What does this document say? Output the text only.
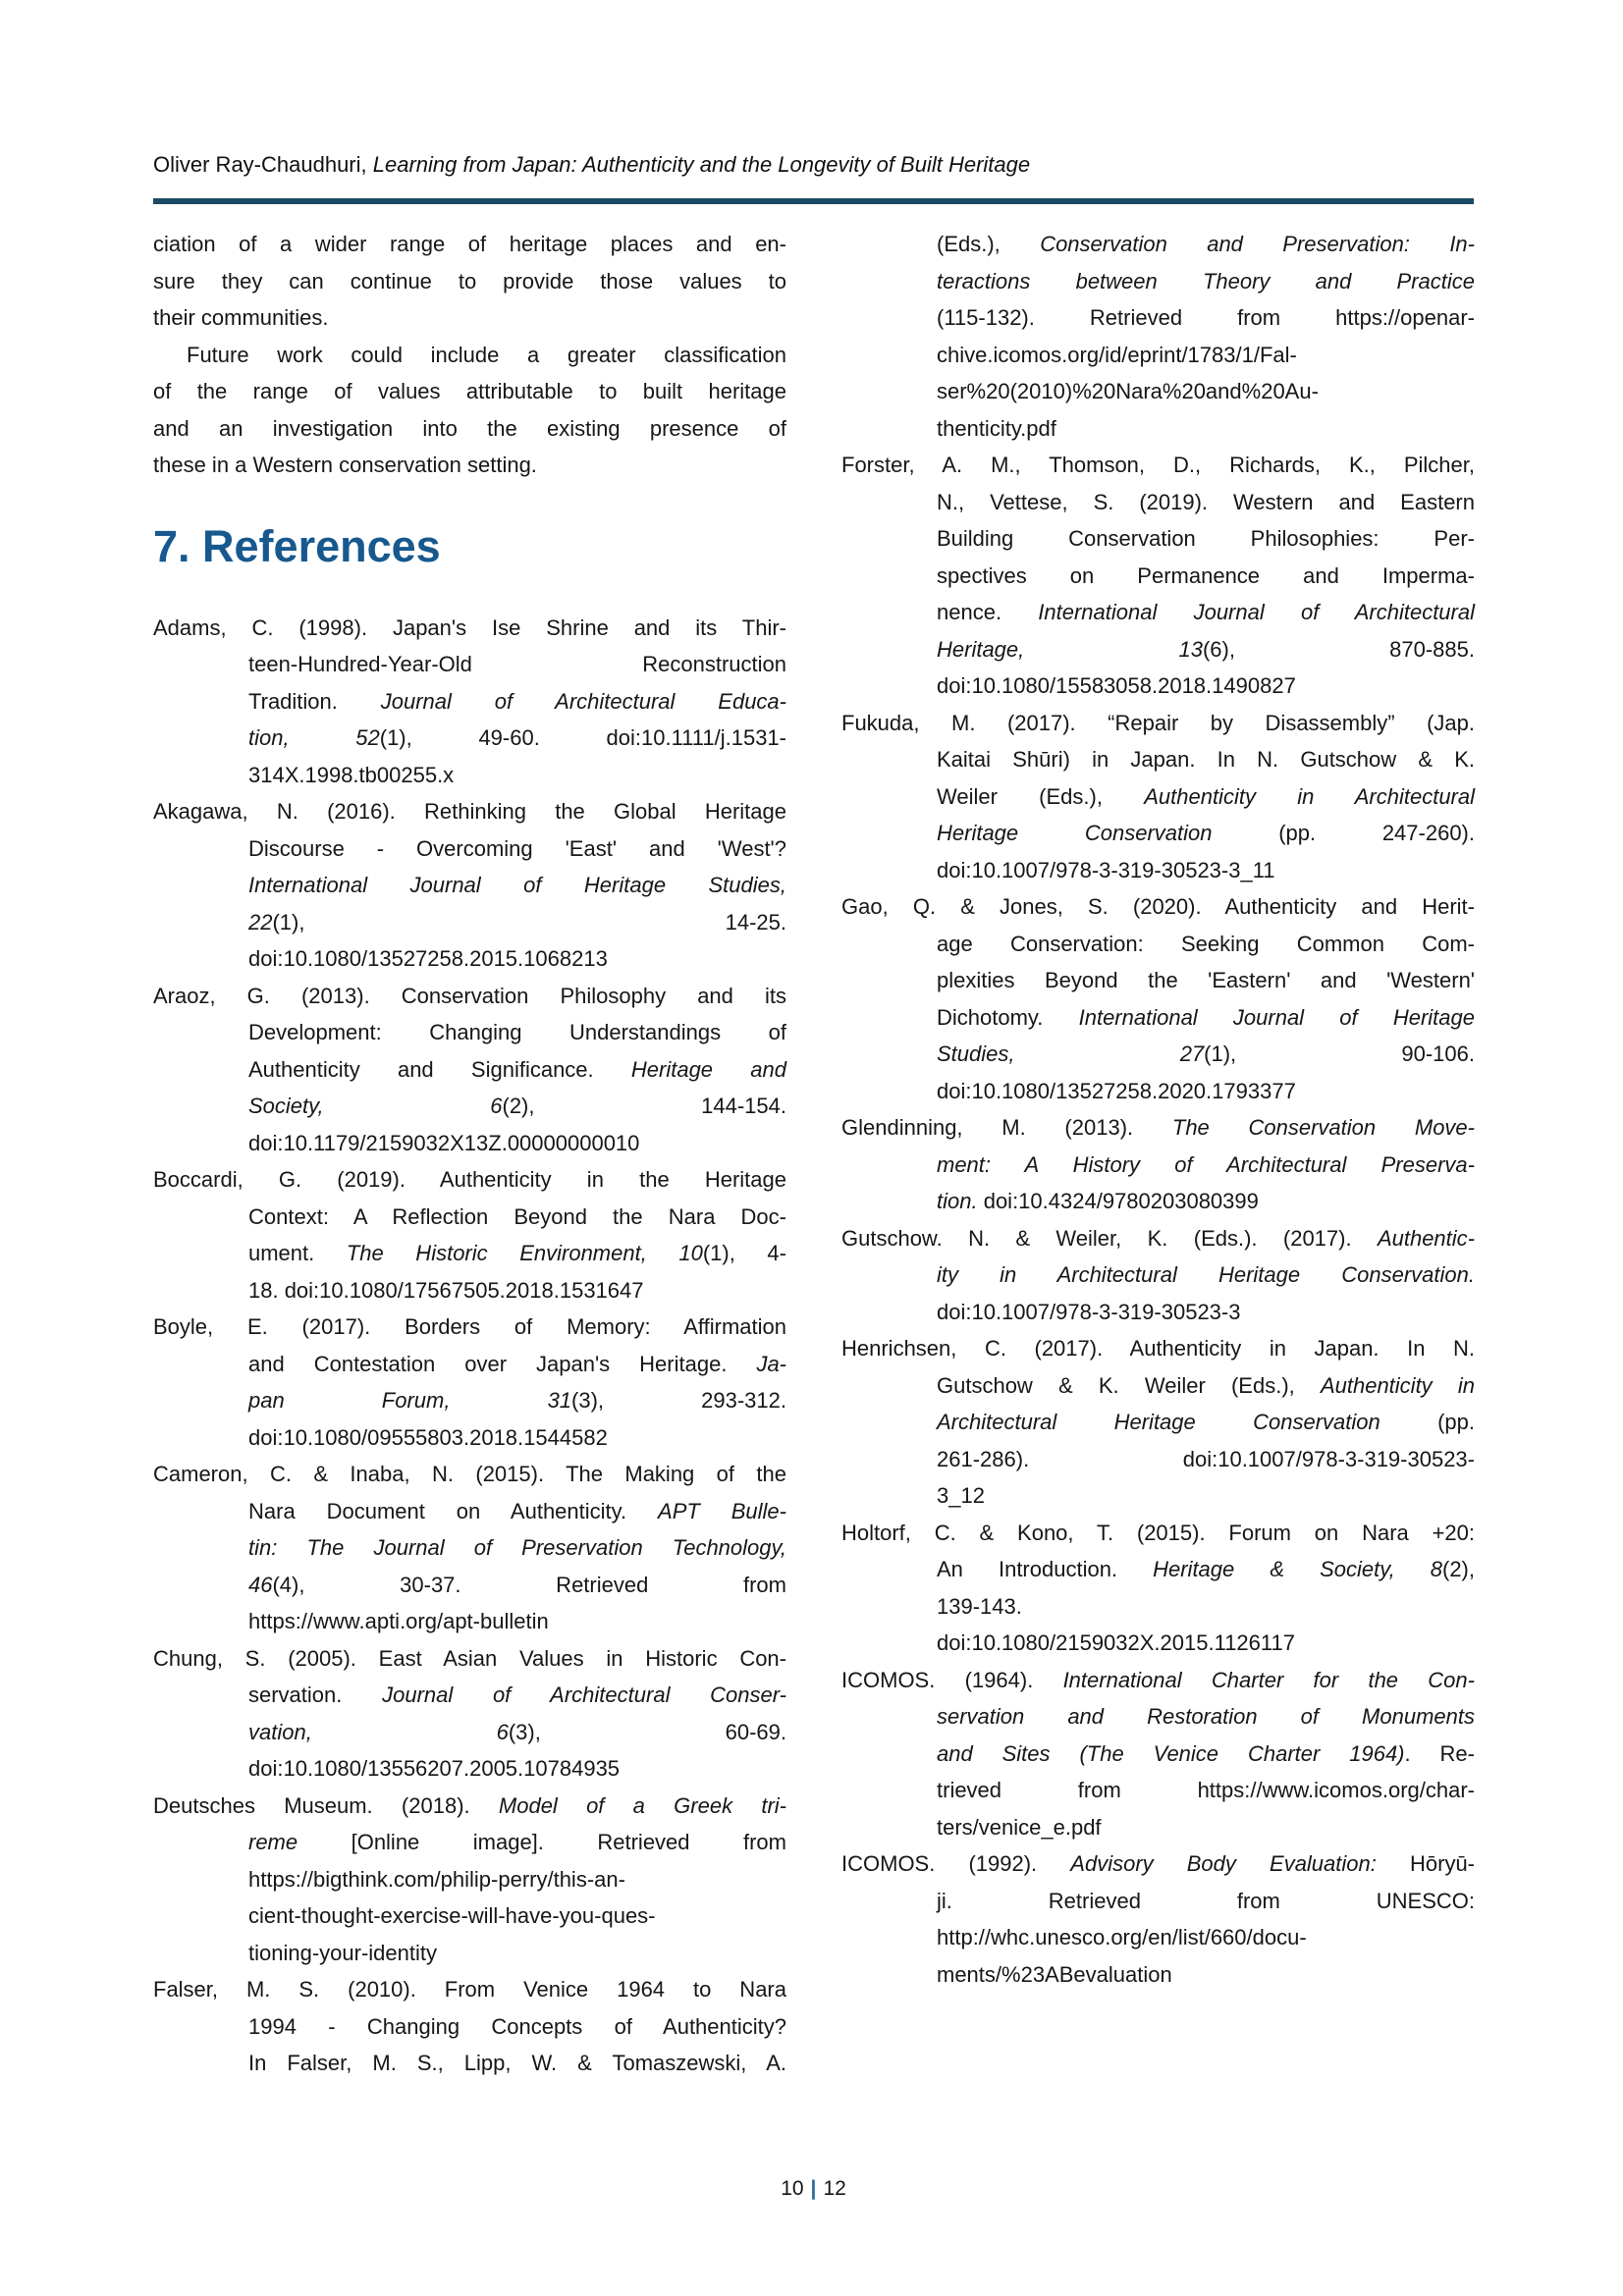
Oliver Ray-Chaudhuri, Learning from Japan: Authenticity and the Longevity of Built Heritage
ciation of a wider range of heritage places and en-
sure they can continue to provide those values to
their communities.
Future work could include a greater classification
of the range of values attributable to built heritage
and an investigation into the existing presence of
these in a Western conservation setting.
7. References
Adams, C. (1998). Japan's Ise Shrine and its Thir-
teen-Hundred-Year-Old Reconstruction
Tradition. Journal of Architectural Educa-
tion, 52(1), 49-60. doi:10.1111/j.1531-
314X.1998.tb00255.x
Akagawa, N. (2016). Rethinking the Global Heritage
Discourse - Overcoming 'East' and 'West'?
International Journal of Heritage Studies,
22(1), 14-25.
doi:10.1080/13527258.2015.1068213
Araoz, G. (2013). Conservation Philosophy and its
Development: Changing Understandings of
Authenticity and Significance. Heritage and
Society, 6(2), 144-154.
doi:10.1179/2159032X13Z.00000000010
Boccardi, G. (2019). Authenticity in the Heritage
Context: A Reflection Beyond the Nara Doc-
ument. The Historic Environment, 10(1), 4-
18. doi:10.1080/17567505.2018.1531647
Boyle, E. (2017). Borders of Memory: Affirmation
and Contestation over Japan's Heritage. Ja-
pan Forum, 31(3), 293-312.
doi:10.1080/09555803.2018.1544582
Cameron, C. & Inaba, N. (2015). The Making of the
Nara Document on Authenticity. APT Bulle-
tin: The Journal of Preservation Technology,
46(4), 30-37. Retrieved from
https://www.apti.org/apt-bulletin
Chung, S. (2005). East Asian Values in Historic Con-
servation. Journal of Architectural Conser-
vation, 6(3), 60-69.
doi:10.1080/13556207.2005.10784935
Deutsches Museum. (2018). Model of a Greek tri-
reme [Online image]. Retrieved from
https://bigthink.com/philip-perry/this-an-
cient-thought-exercise-will-have-you-ques-
tioning-your-identity
Falser, M. S. (2010). From Venice 1964 to Nara
1994 - Changing Concepts of Authenticity?
In Falser, M. S., Lipp, W. & Tomaszewski, A.
(Eds.), Conservation and Preservation: In-
teractions between Theory and Practice
(115-132). Retrieved from https://openar-
chive.icomos.org/id/eprint/1783/1/Fal-
ser%20(2010)%20Nara%20and%20Au-
thenticity.pdf
Forster, A. M., Thomson, D., Richards, K., Pilcher,
N., Vettese, S. (2019). Western and Eastern
Building Conservation Philosophies: Per-
spectives on Permanence and Imperma-
nence. International Journal of Architectural
Heritage, 13(6), 870-885.
doi:10.1080/15583058.2018.1490827
Fukuda, M. (2017). “Repair by Disassembly” (Jap.
Kaitai Shūri) in Japan. In N. Gutschow & K.
Weiler (Eds.), Authenticity in Architectural
Heritage Conservation (pp. 247-260).
doi:10.1007/978-3-319-30523-3_11
Gao, Q. & Jones, S. (2020). Authenticity and Herit-
age Conservation: Seeking Common Com-
plexities Beyond the 'Eastern' and 'Western'
Dichotomy. International Journal of Heritage
Studies, 27(1), 90-106.
doi:10.1080/13527258.2020.1793377
Glendinning, M. (2013). The Conservation Move-
ment: A History of Architectural Preserva-
tion. doi:10.4324/9780203080399
Gutschow. N. & Weiler, K. (Eds.). (2017). Authentic-
ity in Architectural Heritage Conservation.
doi:10.1007/978-3-319-30523-3
Henrichsen, C. (2017). Authenticity in Japan. In N.
Gutschow & K. Weiler (Eds.), Authenticity in
Architectural Heritage Conservation (pp.
261-286). doi:10.1007/978-3-319-30523-
3_12
Holtorf, C. & Kono, T. (2015). Forum on Nara +20:
An Introduction. Heritage & Society, 8(2),
139-143.
doi:10.1080/2159032X.2015.1126117
ICOMOS. (1964). International Charter for the Con-
servation and Restoration of Monuments
and Sites (The Venice Charter 1964). Re-
trieved from https://www.icomos.org/char-
ters/venice_e.pdf
ICOMOS. (1992). Advisory Body Evaluation: Hōryū-
ji. Retrieved from UNESCO:
http://whc.unesco.org/en/list/660/docu-
ments/%23ABevaluation
10 | 12
